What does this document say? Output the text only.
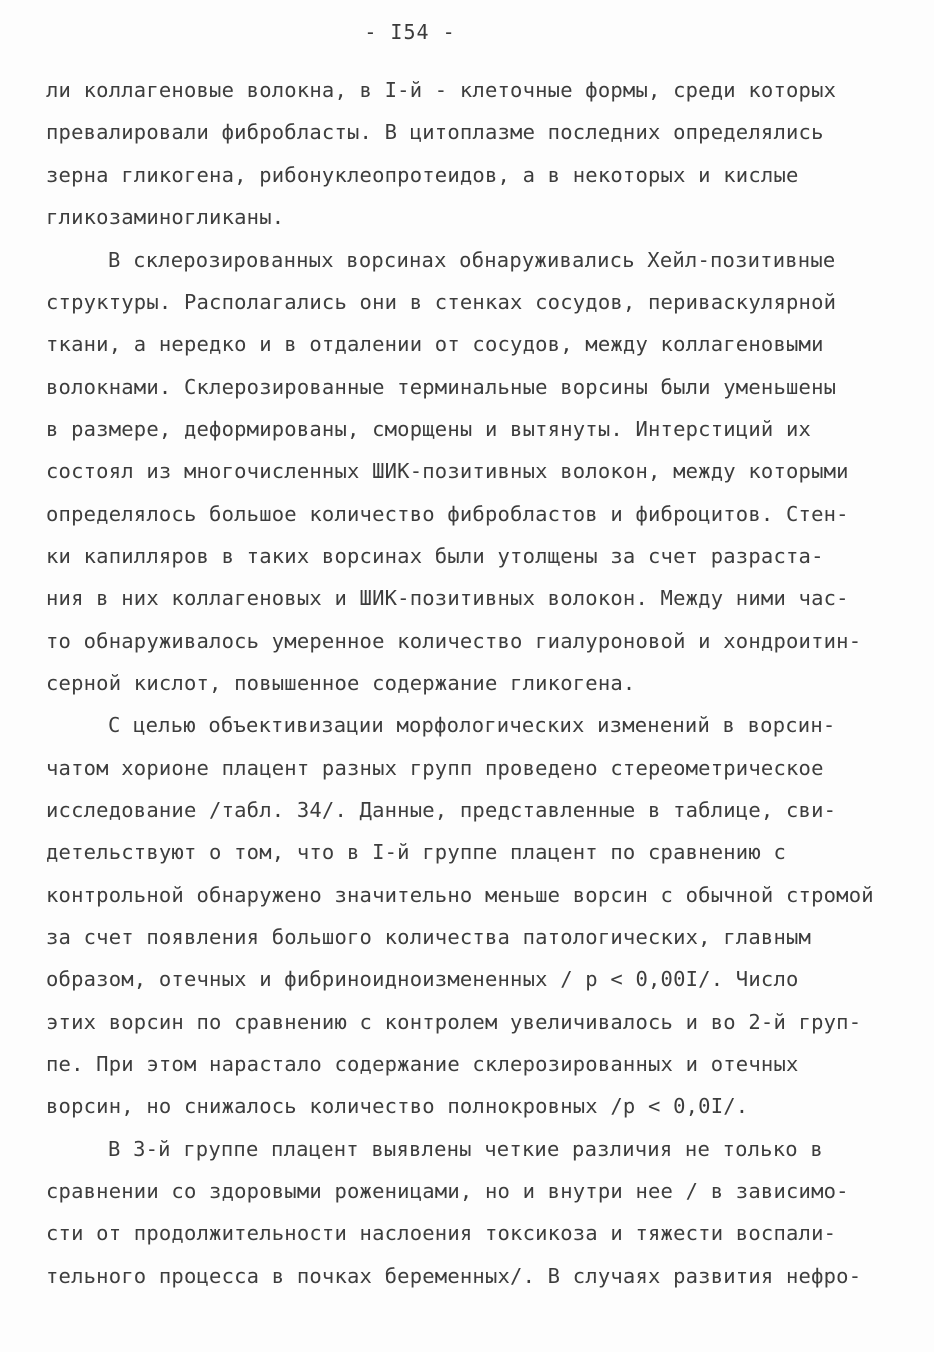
- I54 -
ли коллагеновые волокна, в I-й - клеточные формы, среди которых
превалировали фибробласты. В цитоплазме последних определялись
зерна гликогена, рибонуклеопротеидов, а в некоторых и кислые
гликозаминогликаны.
В склерозированных ворсинах обнаруживались Хейл-позитивные
структуры. Располагались они в стенках сосудов, периваскулярной
ткани, а нередко и в отдалении от сосудов, между коллагеновыми
волокнами. Склерозированные терминальные ворсины были уменьшены
в размере, деформированы, сморщены и вытянуты. Интерстиций их
состоял из многочисленных ШИК-позитивных волокон, между которыми
определялось большое количество фибробластов и фиброцитов. Стен-
ки капилляров в таких ворсинах были утолщены за счет разраста-
ния в них коллагеновых и ШИК-позитивных волокон. Между ними час-
то обнаруживалось умеренное количество гиалуроновой и хондроитин-
серной кислот, повышенное содержание гликогена.
С целью объективизации морфологических изменений в ворсин-
чатом хорионе плацент разных групп проведено стереометрическое
исследование /табл. 34/. Данные, представленные в таблице, сви-
детельствуют о том, что в I-й группе плацент по сравнению с
контрольной обнаружено значительно меньше ворсин с обычной стромой
за счет появления большого количества патологических, главным
образом, отечных и фибриноидноизмененных / p < 0,00I/. Число
этих ворсин по сравнению с контролем увеличивалось и во 2-й груп-
пе. При этом нарастало содержание склерозированных и отечных
ворсин, но снижалось количество полнокровных /p < 0,0I/.
В 3-й группе плацент выявлены четкие различия не только в
сравнении со здоровыми роженицами, но и внутри нее / в зависимо-
сти от продолжительности наслоения токсикоза и тяжести воспали-
тельного процесса в почках беременных/. В случаях развития нефро-
